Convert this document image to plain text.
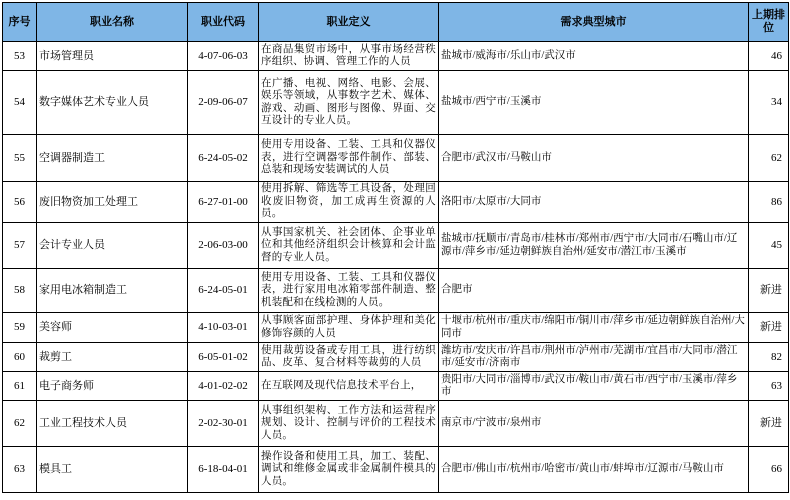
序号	职业名称	职业代码	职业定义	需求典型城市	上期排位
53	市场管理员	4-07-06-03	在商品集贸市场中，从事市场经营秩序组织、协调、管理工作的人员	盐城市/威海市/乐山市/武汉市	46
54	数字媒体艺术专业人员	2-09-06-07	在广播、电视、网络、电影、会展、娱乐等领域，从事数字艺术、媒体、游戏、动画、图形与图像、界面、交互设计的专业人员。	盐城市/西宁市/玉溪市	34
55	空调器制造工	6-24-05-02	使用专用设备、工装、工具和仪器仪表，进行空调器零部件制作、部装、总装和现场安装调试的人员	合肥市/武汉市/马鞍山市	62
56	废旧物资加工处理工	6-27-01-00	使用拆解、筛选等工具设备，处理回收废旧物资，加工成再生资源的人员。	洛阳市/太原市/大同市	86
57	会计专业人员	2-06-03-00	从事国家机关、社会团体、企事业单位和其他经济组织会计核算和会计监督的专业人员。	盐城市/抚顺市/青岛市/桂林市/郑州市/西宁市/大同市/石嘴山市/辽源市/萍乡市/延边朝鲜族自治州/延安市/潜江市/玉溪市	45
58	家用电冰箱制造工	6-24-05-01	使用专用设备、工装、工具和仪器仪表，进行家用电冰箱零部件制造、整机装配和在线检测的人员。	合肥市	新进
59	美容师	4-10-03-01	从事顾客面部护理、身体护理和美化修饰容颜的人员	十堰市/杭州市/重庆市/绵阳市/铜川市/萍乡市/延边朝鲜族自治州/大同市	新进
60	裁剪工	6-05-01-02	使用裁剪设备或专用工具，进行纺织品、皮革、复合材料等裁剪的人员	潍坊市/安庆市/许昌市/荆州市/泸州市/芜湖市/宜昌市/大同市/潜江市/延安市/济南市	82
61	电子商务师	4-01-02-02	在互联网及现代信息技术平台上，	贵阳市/大同市/淄博市/武汉市/鞍山市/黄石市/西宁市/玉溪市/萍乡市	63
62	工业工程技术人员	2-02-30-01	从事组织架构、工作方法和运营程序规划、设计、控制与评价的工程技术人员。	南京市/宁波市/泉州市	新进
63	模具工	6-18-04-01	操作设备和使用工具，加工、装配、调试和维修金属或非金属制件模具的人员。	合肥市/佛山市/杭州市/哈密市/黄山市/蚌埠市/辽源市/马鞍山市	66
